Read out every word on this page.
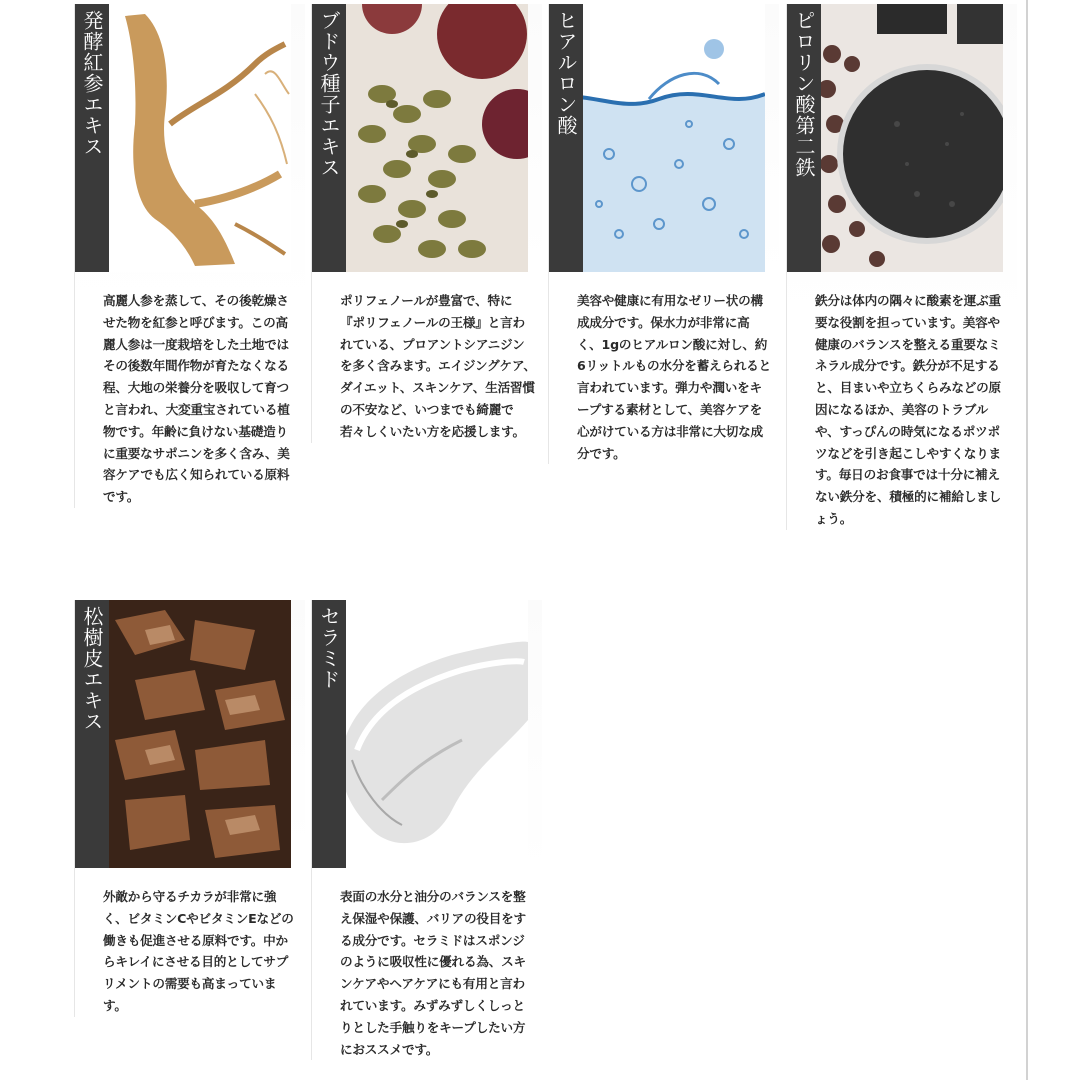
発酵紅参エキス
高麗人参を蒸して、その後乾燥させた物を紅参と呼びます。この高麗人参は一度栽培をした土地ではその後数年間作物が育たなくなる程、大地の栄養分を吸収して育つと言われ、大変重宝されている植物です。年齢に負けない基礎造りに重要なサポニンを多く含み、美容ケアでも広く知られている原料です。
ブドウ種子エキス
ポリフェノールが豊富で、特に『ポリフェノールの王様』と言われている、プロアントシアニジンを多く含みます。エイジングケア、ダイエット、スキンケア、生活習慣の不安など、いつまでも綺麗で若々しくいたい方を応援します。
ヒアルロン酸
美容や健康に有用なゼリー状の構成成分です。保水力が非常に高く、1gのヒアルロン酸に対し、約6リットルもの水分を蓄えられると言われています。弾力や潤いをキープする素材として、美容ケアを心がけている方は非常に大切な成分です。
ピロリン酸第二鉄
鉄分は体内の隅々に酸素を運ぶ重要な役割を担っています。美容や健康のバランスを整える重要なミネラル成分です。鉄分が不足すると、目まいや立ちくらみなどの原因になるほか、美容のトラブルや、すっぴんの時気になるポツポツなどを引き起こしやすくなります。毎日のお食事では十分に補えない鉄分を、積極的に補給しましょう。
松樹皮エキス
外敵から守るチカラが非常に強く、ビタミンCやビタミンEなどの働きも促進させる原料です。中からキレイにさせる目的としてサプリメントの需要も高まっています。
セラミド
表面の水分と油分のバランスを整え保湿や保護、バリアの役目をする成分です。セラミドはスポンジのように吸収性に優れる為、スキンケアやヘアケアにも有用と言われています。みずみずしくしっとりとした手触りをキープしたい方におススメです。
